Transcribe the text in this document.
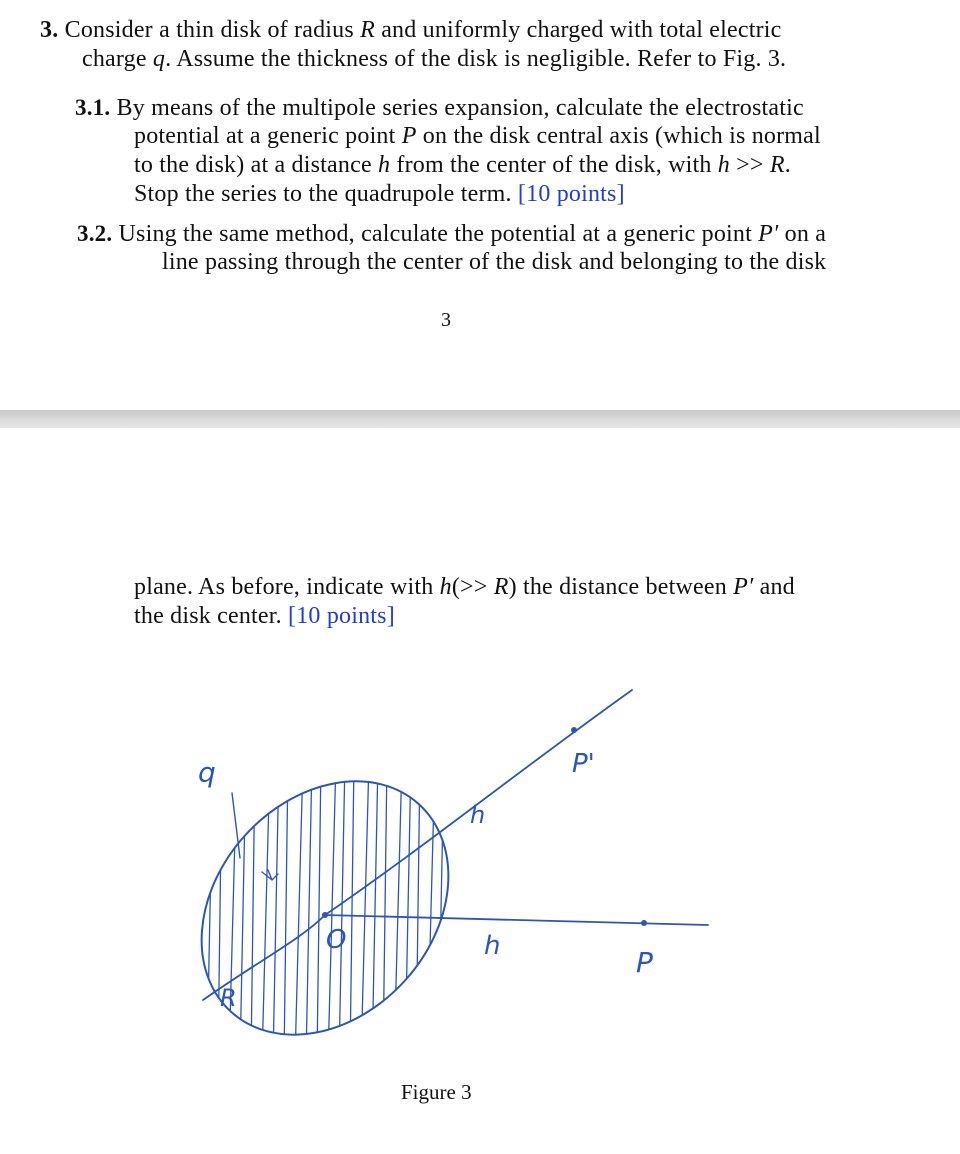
3. Consider a thin disk of radius R and uniformly charged with total electric
charge q. Assume the thickness of the disk is negligible. Refer to Fig. 3.
3.1. By means of the multipole series expansion, calculate the electrostatic
potential at a generic point P on the disk central axis (which is normal
to the disk) at a distance h from the center of the disk, with h >> R.
Stop the series to the quadrupole term. [10 points]
3.2. Using the same method, calculate the potential at a generic point P′ on a
line passing through the center of the disk and belonging to the disk
3
plane. As before, indicate with h(>> R) the distance between P′ and
the disk center. [10 points]
q
R
O
h
h	P
P'
Figure 3
